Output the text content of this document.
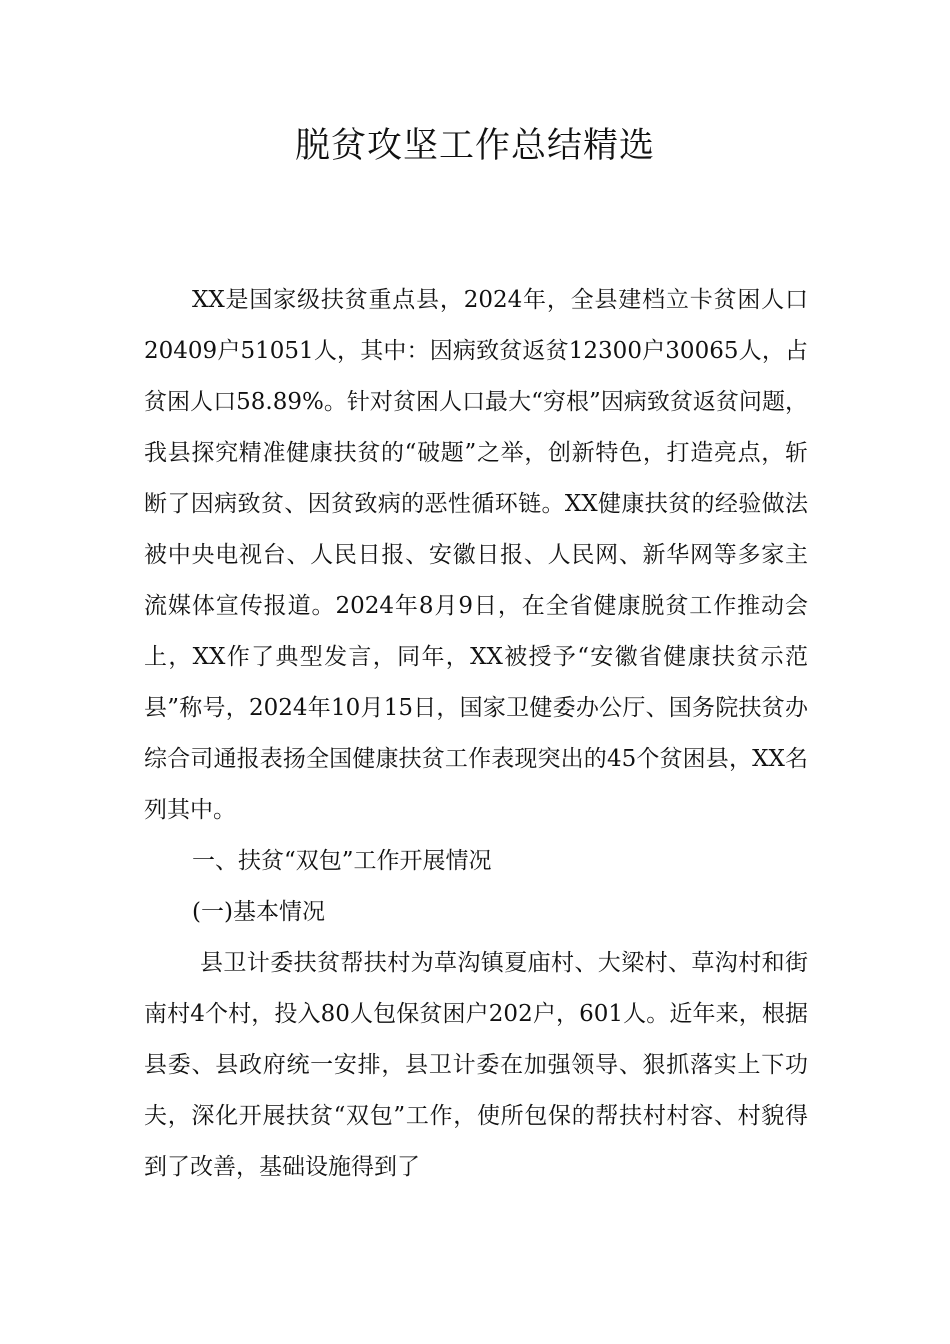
脱贫攻坚工作总结精选

XX是国家级扶贫重点县，2024年，全县建档立卡贫困人口20409户51051人，其中：因病致贫返贫12300户30065人，占贫困人口58.89%。针对贫困人口最大“穷根”因病致贫返贫问题，我县探究精准健康扶贫的“破题”之举，创新特色，打造亮点，斩断了因病致贫、因贫致病的恶性循环链。XX健康扶贫的经验做法被中央电视台、人民日报、安徽日报、人民网、新华网等多家主流媒体宣传报道。2024年8月9日，在全省健康脱贫工作推动会上，XX作了典型发言，同年，XX被授予“安徽省健康扶贫示范县”称号，2024年10月15日，国家卫健委办公厅、国务院扶贫办综合司通报表扬全国健康扶贫工作表现突出的45个贫困县，XX名列其中。

一、扶贫“双包”工作开展情况

(一)基本情况

县卫计委扶贫帮扶村为草沟镇夏庙村、大梁村、草沟村和街南村4个村，投入80人包保贫困户202户，601人。近年来，根据县委、县政府统一安排，县卫计委在加强领导、狠抓落实上下功夫，深化开展扶贫“双包”工作，使所包保的帮扶村村容、村貌得到了改善，基础设施得到了
